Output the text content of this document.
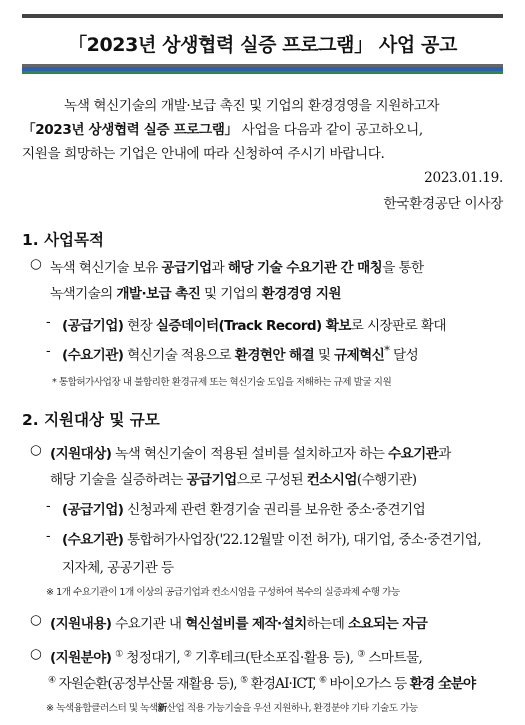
「2023년 상생협력 실증 프로그램」 사업 공고
녹색 혁신기술의 개발·보급 촉진 및 기업의 환경경영을 지원하고자
「2023년 상생협력 실증 프로그램」 사업을 다음과 같이 공고하오니,
지원을 희망하는 기업은 안내에 따라 신청하여 주시기 바랍니다.
2023.01.19.
한국환경공단 이사장
1. 사업목적
○ 녹색 혁신기술 보유 공급기업과 해당 기술 수요기관 간 매칭을 통한
녹색기술의 개발·보급 촉진 및 기업의 환경경영 지원
- (공급기업) 현장 실증데이터(Track Record) 확보로 시장판로 확대
- (수요기관) 혁신기술 적용으로 환경현안 해결 및 규제혁신* 달성
* 통합허가사업장 내 불합리한 환경규제 또는 혁신기술 도입을 저해하는 규제 발굴 지원
2. 지원대상 및 규모
○ (지원대상) 녹색 혁신기술이 적용된 설비를 설치하고자 하는 수요기관과
해당 기술을 실증하려는 공급기업으로 구성된 컨소시엄(수행기관)
- (공급기업) 신청과제 관련 환경기술 권리를 보유한 중소·중견기업
- (수요기관) 통합허가사업장('22.12월말 이전 허가), 대기업, 중소·중견기업,
지자체, 공공기관 등
※ 1개 수요기관이 1개 이상의 공급기업과 컨소시엄을 구성하여 복수의 실증과제 수행 가능
○ (지원내용) 수요기관 내 혁신설비를 제작·설치하는데 소요되는 자금
○ (지원분야) ① 청정대기, ② 기후테크(탄소포집·활용 등), ③ 스마트물,
④ 자원순환(공정부산물 재활용 등), ⑤ 환경AI·ICT, ⑥ 바이오가스 등 환경 全분야
※ 녹색융합클러스터 및 녹색新산업 적용 가능기술을 우선 지원하나, 환경분야 기타 기술도 가능
